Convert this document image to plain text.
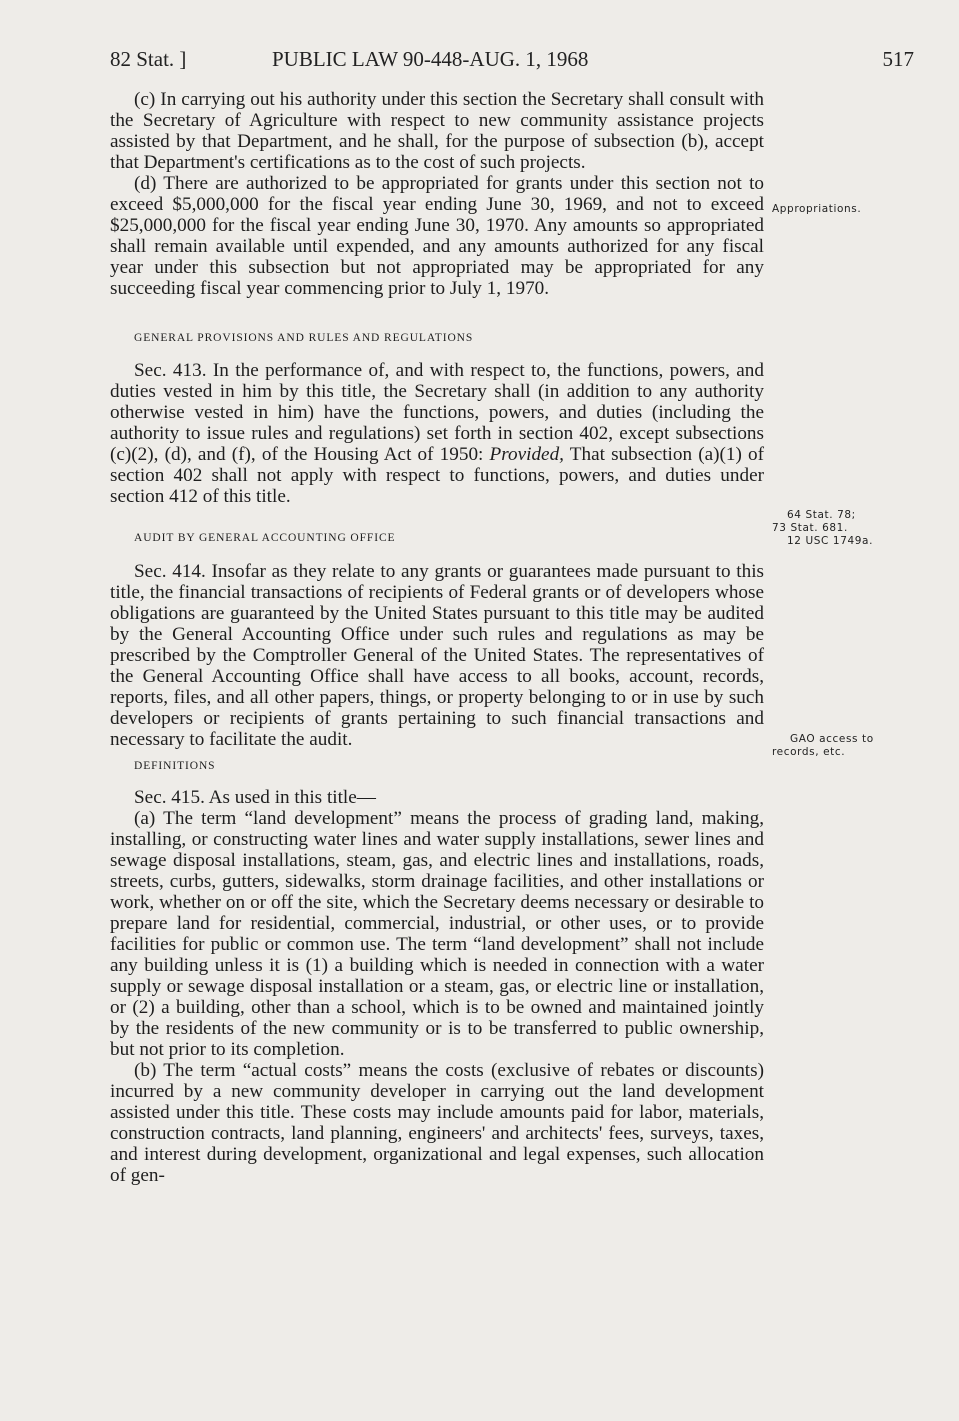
82 Stat. ]	PUBLIC LAW 90-448-AUG. 1, 1968	517

(c) In carrying out his authority under this section the Secretary shall consult with the Secretary of Agriculture with respect to new community assistance projects assisted by that Department, and he shall, for the purpose of subsection (b), accept that Department's certifications as to the cost of such projects.

(d) There are authorized to be appropriated for grants under this section not to exceed $5,000,000 for the fiscal year ending June 30, 1969, and not to exceed $25,000,000 for the fiscal year ending June 30, 1970. Any amounts so appropriated shall remain available until expended, and any amounts authorized for any fiscal year under this subsection but not appropriated may be appropriated for any succeeding fiscal year commencing prior to July 1, 1970.

GENERAL PROVISIONS AND RULES AND REGULATIONS

Sec. 413. In the performance of, and with respect to, the functions, powers, and duties vested in him by this title, the Secretary shall (in addition to any authority otherwise vested in him) have the functions, powers, and duties (including the authority to issue rules and regulations) set forth in section 402, except subsections (c)(2), (d), and (f), of the Housing Act of 1950: Provided, That subsection (a)(1) of section 402 shall not apply with respect to functions, powers, and duties under section 412 of this title.

AUDIT BY GENERAL ACCOUNTING OFFICE

Sec. 414. Insofar as they relate to any grants or guarantees made pursuant to this title, the financial transactions of recipients of Federal grants or of developers whose obligations are guaranteed by the United States pursuant to this title may be audited by the General Accounting Office under such rules and regulations as may be prescribed by the Comptroller General of the United States. The representatives of the General Accounting Office shall have access to all books, account, records, reports, files, and all other papers, things, or property belonging to or in use by such developers or recipients of grants pertaining to such financial transactions and necessary to facilitate the audit.

DEFINITIONS

Sec. 415. As used in this title—

(a) The term “land development” means the process of grading land, making, installing, or constructing water lines and water supply installations, sewer lines and sewage disposal installations, steam, gas, and electric lines and installations, roads, streets, curbs, gutters, sidewalks, storm drainage facilities, and other installations or work, whether on or off the site, which the Secretary deems necessary or desirable to prepare land for residential, commercial, industrial, or other uses, or to provide facilities for public or common use. The term “land development” shall not include any building unless it is (1) a building which is needed in connection with a water supply or sewage disposal installation or a steam, gas, or electric line or installation, or (2) a building, other than a school, which is to be owned and maintained jointly by the residents of the new community or is to be transferred to public ownership, but not prior to its completion.

(b) The term “actual costs” means the costs (exclusive of rebates or discounts) incurred by a new community developer in carrying out the land development assisted under this title. These costs may include amounts paid for labor, materials, construction contracts, land planning, engineers' and architects' fees, surveys, taxes, and interest during development, organizational and legal expenses, such allocation of gen-

Appropriations.
64 Stat. 78;
73 Stat. 681.
12 USC 1749a.
GAO access to
records, etc.
